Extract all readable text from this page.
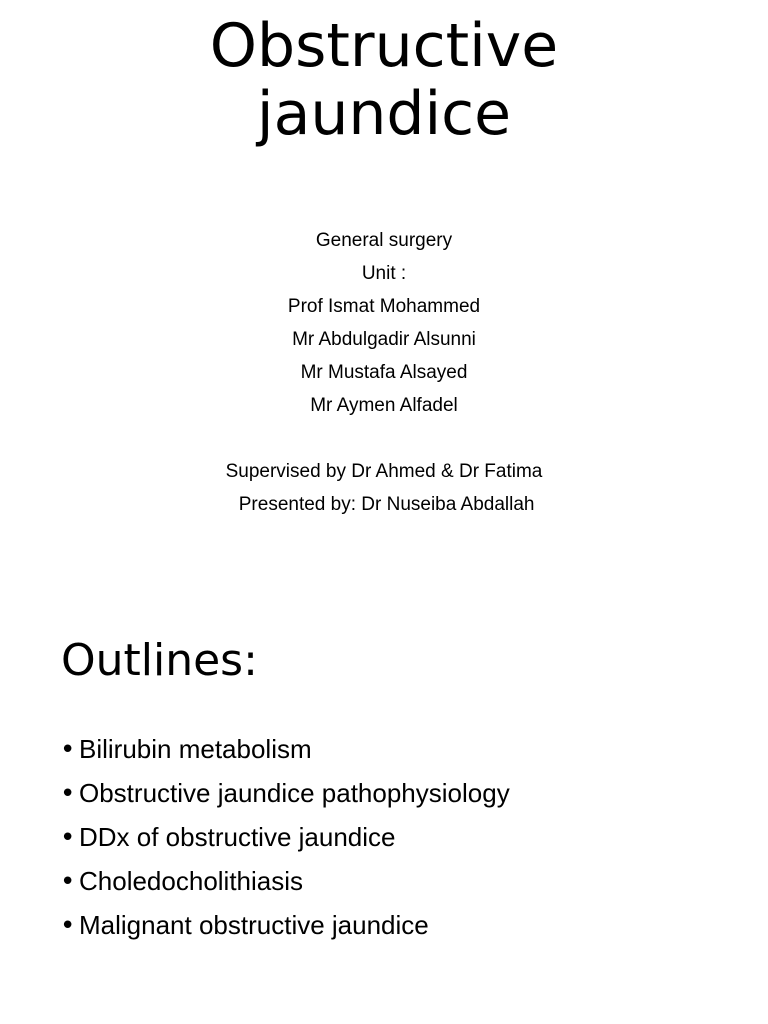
Obstructive
jaundice
General surgery
Unit :
Prof Ismat Mohammed
Mr Abdulgadir Alsunni
Mr Mustafa Alsayed
Mr Aymen Alfadel
Supervised by Dr Ahmed & Dr Fatima
Presented by: Dr Nuseiba Abdallah
Outlines:
• Bilirubin metabolism
• Obstructive jaundice pathophysiology
• DDx of obstructive jaundice
• Choledocholithiasis
• Malignant obstructive jaundice
